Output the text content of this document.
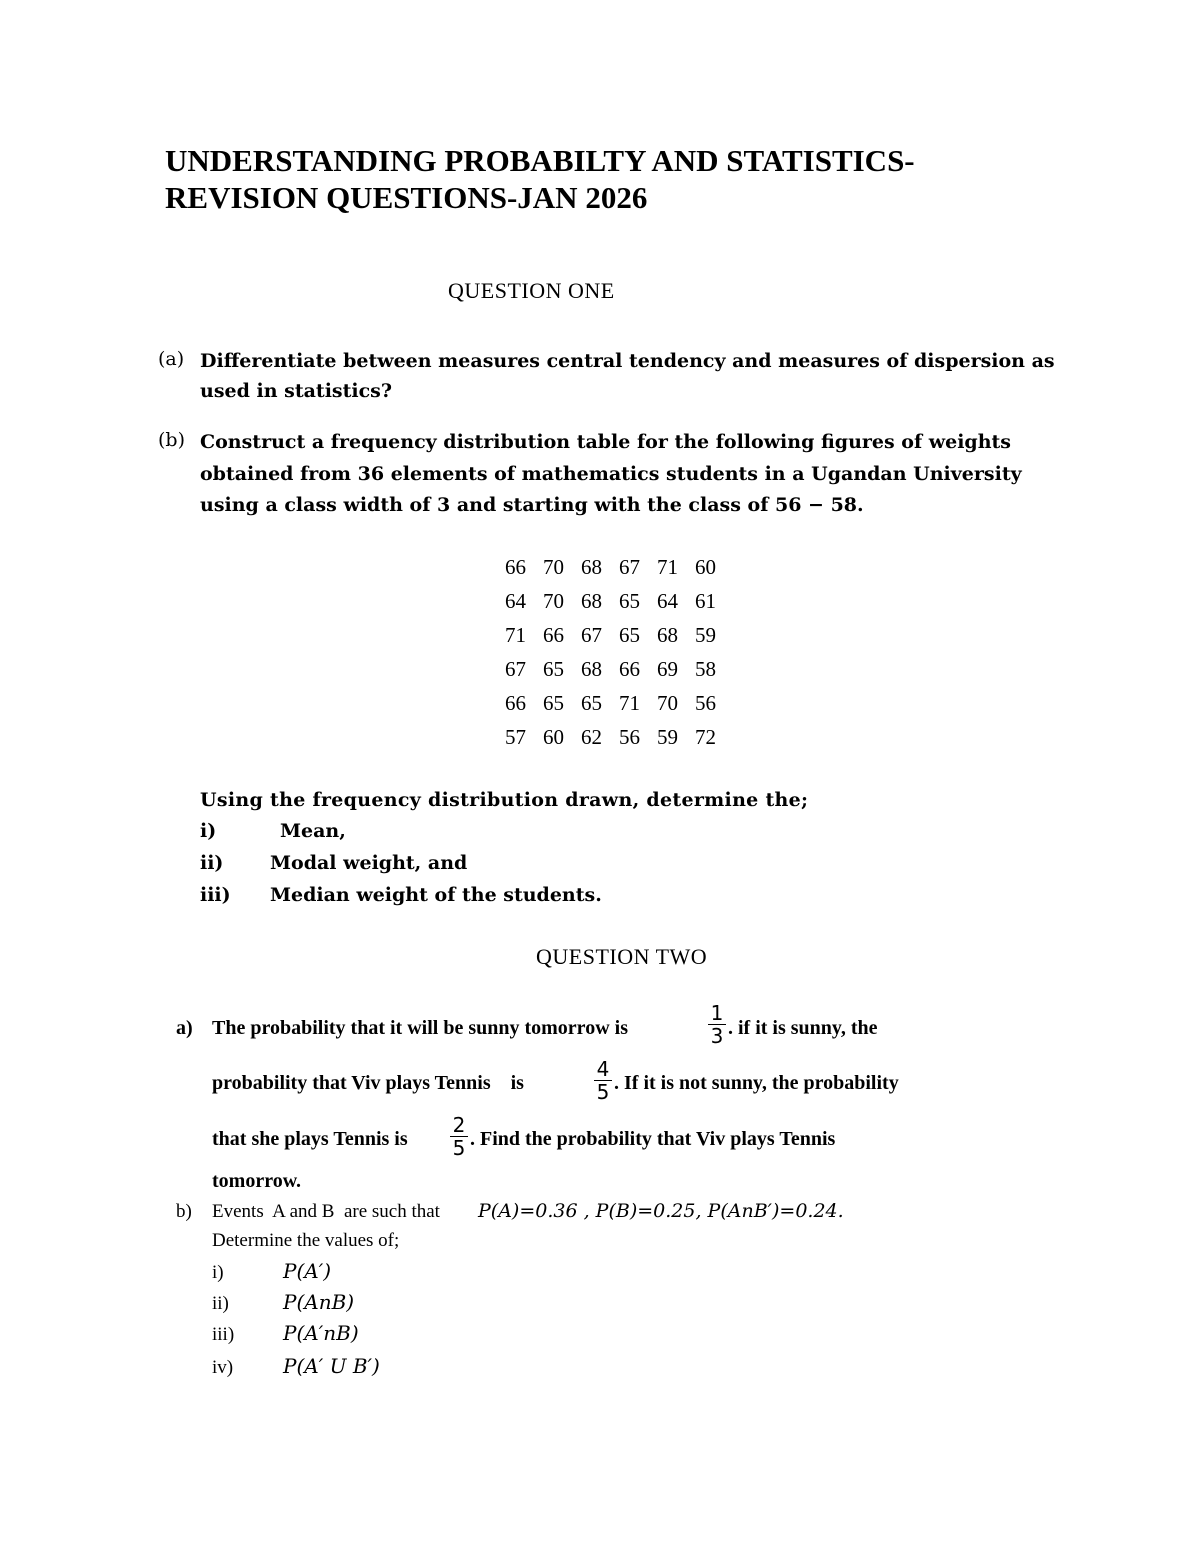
UNDERSTANDING PROBABILTY AND STATISTICS-REVISION QUESTIONS-JAN 2026
QUESTION ONE
(a) Differentiate between measures central tendency and measures of dispersion as
used in statistics?
(b) Construct a frequency distribution table for the following figures of weights
obtained from 36 elements of mathematics students in a Ugandan University
using a class width of 3 and starting with the class of 56 − 58.
66 70 68 67 71 60
64 70 68 65 64 61
71 66 67 65 68 59
67 65 68 66 69 58
66 65 65 71 70 56
57 60 62 56 59 72
Using the frequency distribution drawn, determine the;
i)	Mean,
ii) Modal weight, and
iii) Median weight of the students.
QUESTION TWO
a) The probability that it will be sunny tomorrow is
1
3 . if it is sunny, the
probability that Viv plays Tennis    is
4
5 . If it is not sunny, the probability
that she plays Tennis is
2
5 . Find the probability that Viv plays Tennis
tomorrow.
b) Events  A and B  are such that P(A)=0.36 , P(B)=0.25, P(AnB′)=0.24.
Determine the values of;
i)	P(A′)
ii)	P(AnB)
iii) P(A′nB)
iv) P(A′ U B′)
